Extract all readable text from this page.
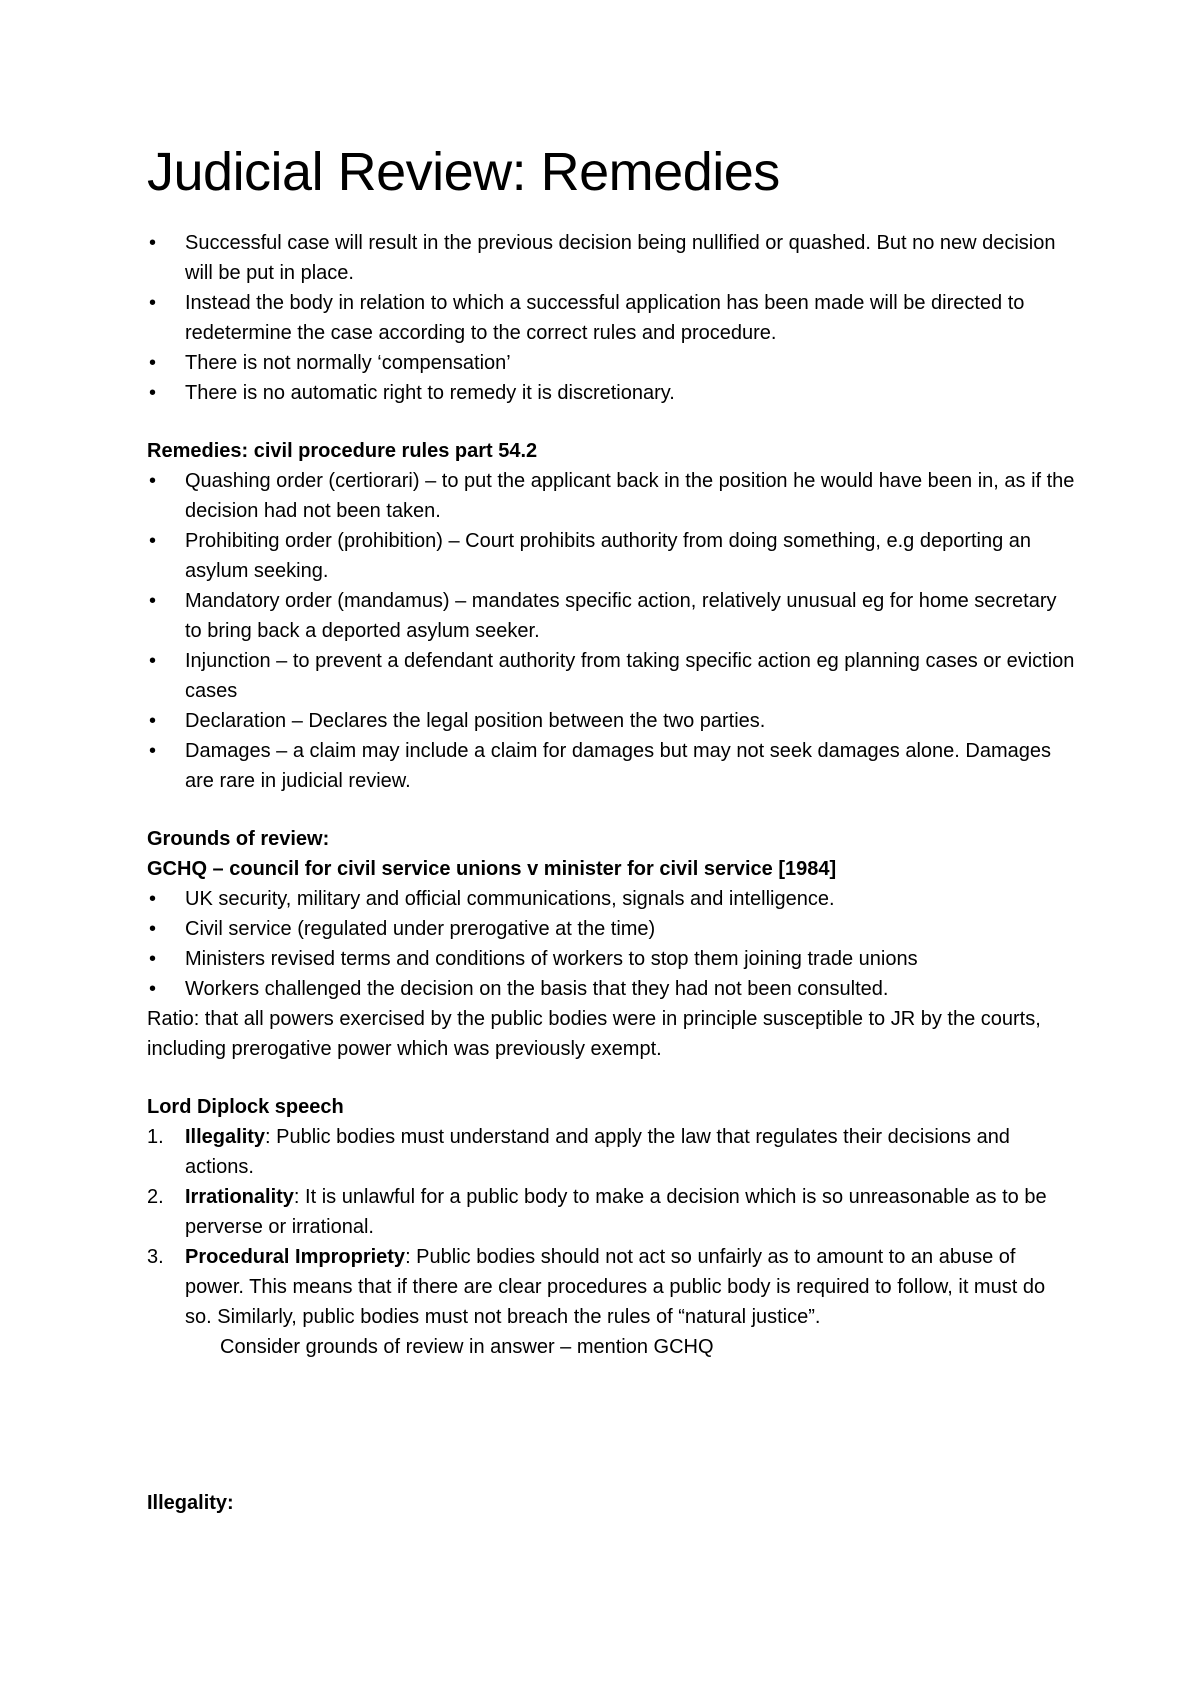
Judicial Review: Remedies
•	Successful case will result in the previous decision being nullified or quashed. But no new decision will be put in place.
•	Instead the body in relation to which a successful application has been made will be directed to redetermine the case according to the correct rules and procedure.
•	There is not normally ‘compensation’
•	There is no automatic right to remedy it is discretionary.
Remedies: civil procedure rules part 54.2
•	Quashing order (certiorari) – to put the applicant back in the position he would have been in, as if the decision had not been taken.
•	Prohibiting order (prohibition) – Court prohibits authority from doing something, e.g deporting an asylum seeking.
•	Mandatory order (mandamus) – mandates specific action, relatively unusual eg for home secretary to bring back a deported asylum seeker.
•	Injunction – to prevent a defendant authority from taking specific action eg planning cases or eviction cases
•	Declaration – Declares the legal position between the two parties.
•	Damages – a claim may include a claim for damages but may not seek damages alone. Damages are rare in judicial review.
Grounds of review:
GCHQ – council for civil service unions v minister for civil service [1984]
•	UK security, military and official communications, signals and intelligence.
•	Civil service (regulated under prerogative at the time)
•	Ministers revised terms and conditions of workers to stop them joining trade unions
•	Workers challenged the decision on the basis that they had not been consulted.
Ratio: that all powers exercised by the public bodies were in principle susceptible to JR by the courts, including prerogative power which was previously exempt.
Lord Diplock speech
1.	Illegality: Public bodies must understand and apply the law that regulates their decisions and actions.
2.	Irrationality: It is unlawful for a public body to make a decision which is so unreasonable as to be perverse or irrational.
3.	Procedural Impropriety: Public bodies should not act so unfairly as to amount to an abuse of power. This means that if there are clear procedures a public body is required to follow, it must do so. Similarly, public bodies must not breach the rules of “natural justice”.
Consider grounds of review in answer – mention GCHQ
Illegality:
